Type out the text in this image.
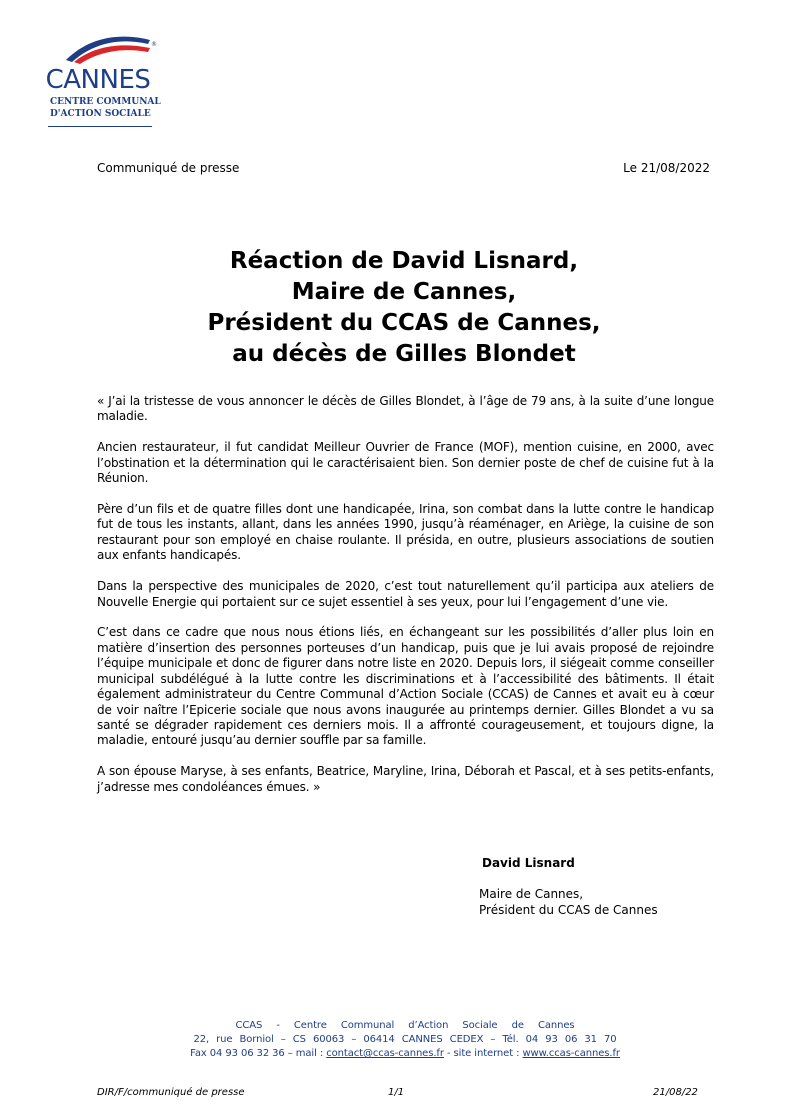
®
CANNES
CENTRE COMMUNAL
D'ACTION SOCIALE
Communiqué de presse	Le 21/08/2022
Réaction de David Lisnard,
Maire de Cannes,
Président du CCAS de Cannes,
au décès de Gilles Blondet

« J’ai la tristesse de vous annoncer le décès de Gilles Blondet, à l’âge de 79 ans, à la suite d’une longue maladie.

Ancien restaurateur, il fut candidat Meilleur Ouvrier de France (MOF), mention cuisine, en 2000, avec l’obstination et la détermination qui le caractérisaient bien. Son dernier poste de chef de cuisine fut à la Réunion.

Père d’un fils et de quatre filles dont une handicapée, Irina, son combat dans la lutte contre le handicap fut de tous les instants, allant, dans les années 1990, jusqu’à réaménager, en Ariège, la cuisine de son restaurant pour son employé en chaise roulante. Il présida, en outre, plusieurs associations de soutien aux enfants handicapés.

Dans la perspective des municipales de 2020, c’est tout naturellement qu’il participa aux ateliers de Nouvelle Energie qui portaient sur ce sujet essentiel à ses yeux, pour lui l’engagement d’une vie.

C’est dans ce cadre que nous nous étions liés, en échangeant sur les possibilités d’aller plus loin en matière d’insertion des personnes porteuses d’un handicap, puis que je lui avais proposé de rejoindre l’équipe municipale et donc de figurer dans notre liste en 2020. Depuis lors, il siégeait comme conseiller municipal subdélégué à la lutte contre les discriminations et à l’accessibilité des bâtiments. Il était également administrateur du Centre Communal d’Action Sociale (CCAS) de Cannes et avait eu à cœur de voir naître l’Epicerie sociale que nous avons inaugurée au printemps dernier. Gilles Blondet a vu sa santé se dégrader rapidement ces derniers mois. Il a affronté courageusement, et toujours digne, la maladie, entouré jusqu’au dernier souffle par sa famille.

A son épouse Maryse, à ses enfants, Beatrice, Maryline, Irina, Déborah et Pascal, et à ses petits-enfants, j’adresse mes condoléances émues. »

David Lisnard
Maire de Cannes,
Président du CCAS de Cannes
CCAS - Centre Communal d’Action Sociale de Cannes
22, rue Borniol – CS 60063 – 06414 CANNES CEDEX – Tél. 04 93 06 31 70
Fax 04 93 06 32 36 – mail : contact@ccas-cannes.fr - site internet : www.ccas-cannes.fr
DIR/F/communiqué de presse	1/1	21/08/22
